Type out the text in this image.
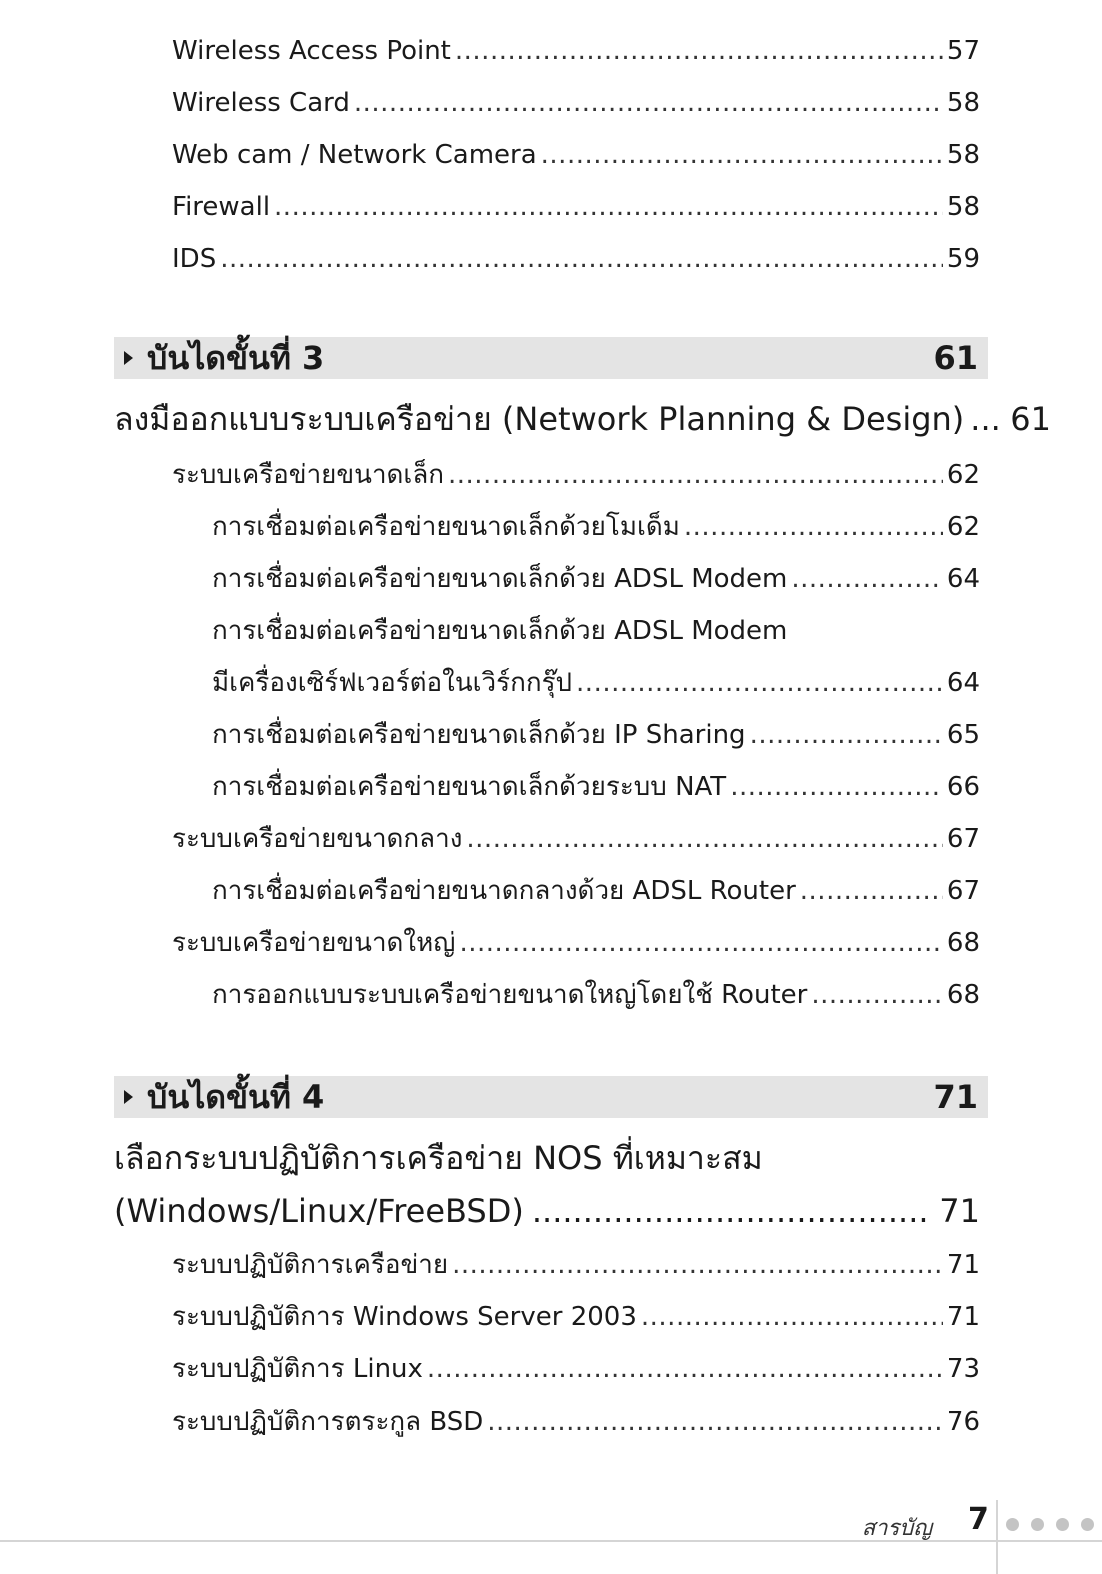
Wireless Access Point .....	57
Wireless Card .....	58
Web cam / Network Camera .....	58
Firewall .....	58
IDS .....	59
บันไดขั้นที่ 3	61
ลงมืออกแบบระบบเครือข่าย (Network Planning & Design) ..... 61
ระบบเครือข่ายขนาดเล็ก .....	62
การเชื่อมต่อเครือข่ายขนาดเล็กด้วยโมเด็ม .....	62
การเชื่อมต่อเครือข่ายขนาดเล็กด้วย ADSL Modem .....	64
การเชื่อมต่อเครือข่ายขนาดเล็กด้วย ADSL Modem
มีเครื่องเซิร์ฟเวอร์ต่อในเวิร์กกรุ๊ป .....	64
การเชื่อมต่อเครือข่ายขนาดเล็กด้วย IP Sharing .....	65
การเชื่อมต่อเครือข่ายขนาดเล็กด้วยระบบ NAT .....	66
ระบบเครือข่ายขนาดกลาง .....	67
การเชื่อมต่อเครือข่ายขนาดกลางด้วย ADSL Router .....	67
ระบบเครือข่ายขนาดใหญ่ .....	68
การออกแบบระบบเครือข่ายขนาดใหญ่โดยใช้ Router .....	68
บันไดขั้นที่ 4	71
เลือกระบบปฏิบัติการเครือข่าย NOS ที่เหมาะสม
(Windows/Linux/FreeBSD) .....	71
ระบบปฏิบัติการเครือข่าย .....	71
ระบบปฏิบัติการ Windows Server 2003 .....	71
ระบบปฏิบัติการ Linux .....	73
ระบบปฏิบัติการตระกูล BSD .....	76
สารบัญ 7
